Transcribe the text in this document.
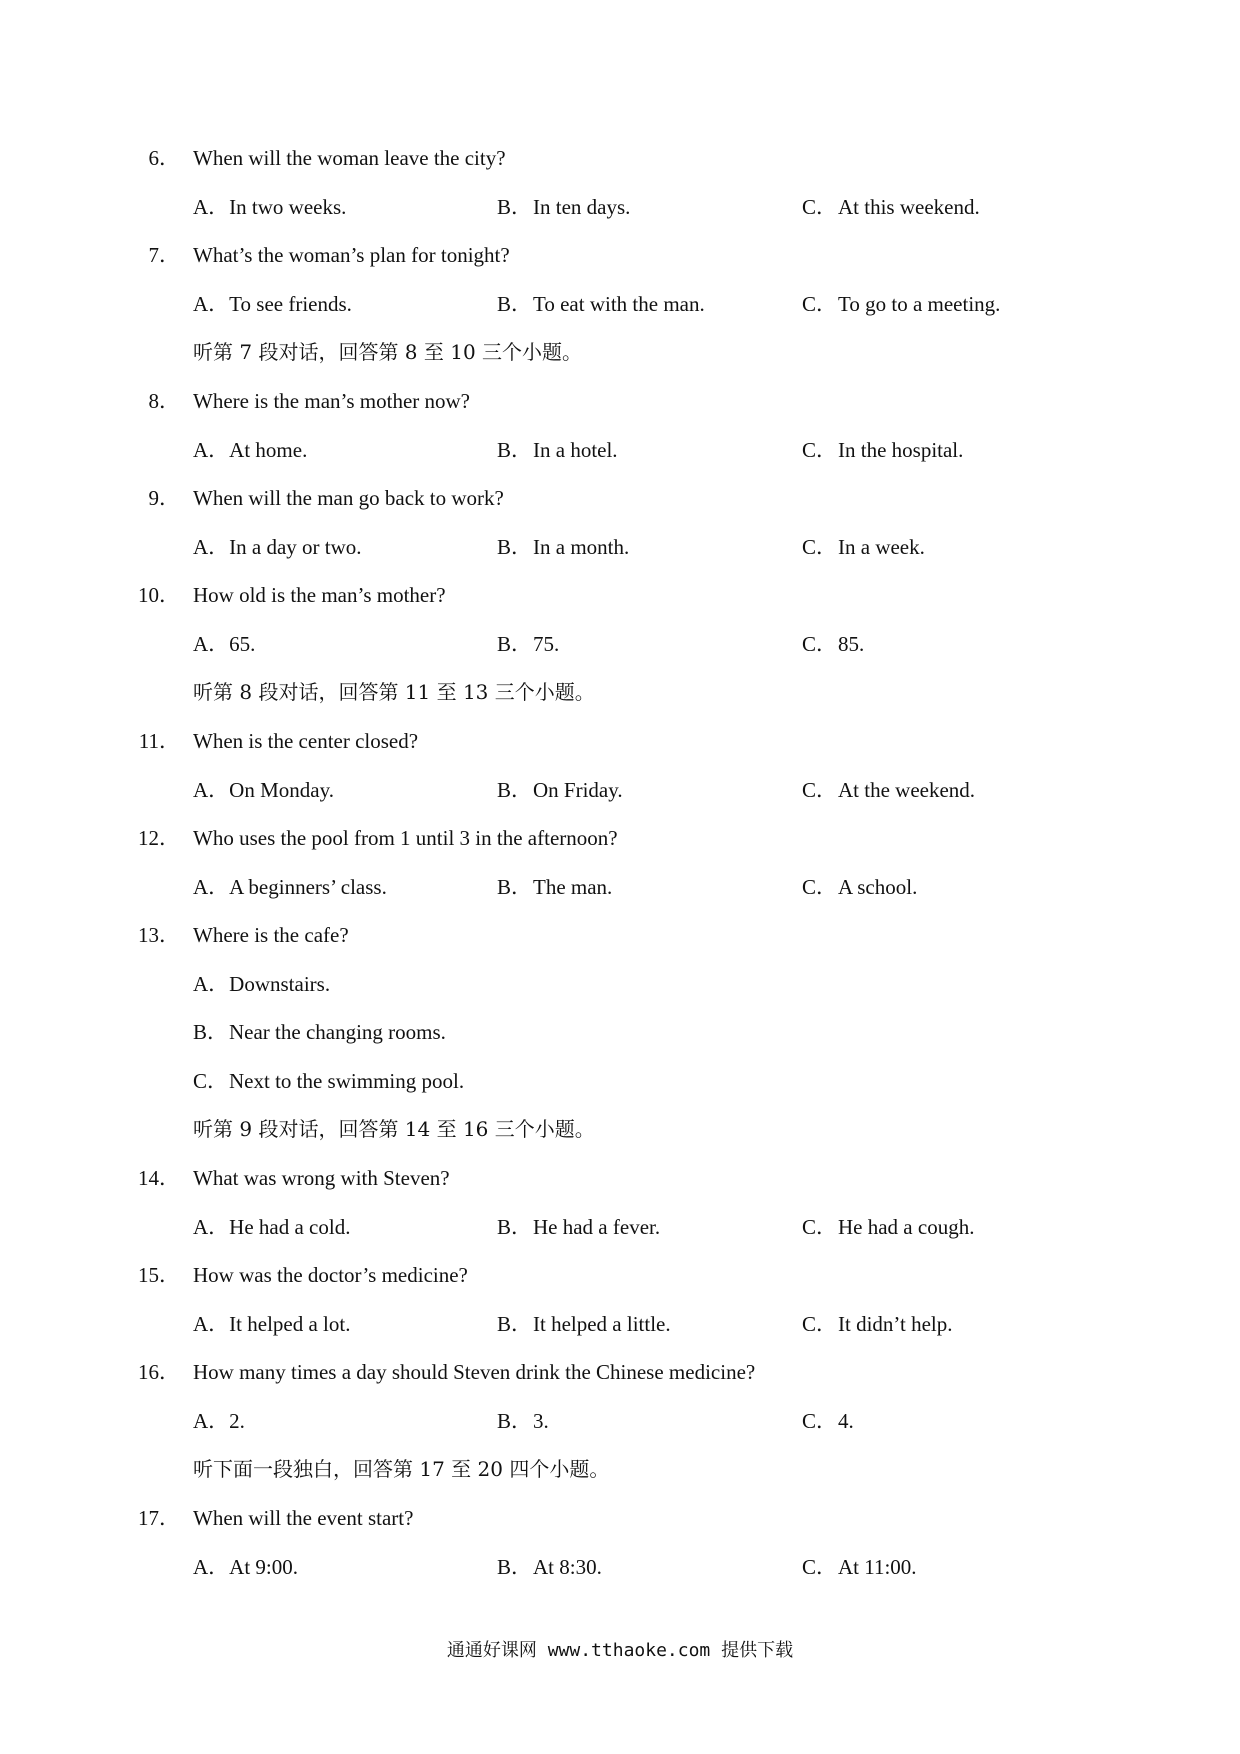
6． When will the woman leave the city?
A．In two weeks.	B．In ten days.	C．At this weekend.
7． What’s the woman’s plan for tonight?
A．To see friends.	B．To eat with the man.	C．To go to a meeting.
听第 7 段对话，回答第 8 至 10 三个小题。
8． Where is the man’s mother now?
A．At home.	B．In a hotel.	C．In the hospital.
9． When will the man go back to work?
A．In a day or two.	B．In a month.	C．In a week.
10． How old is the man’s mother?
A．65.	B．75.	C．85.
听第 8 段对话，回答第 11 至 13 三个小题。
11． When is the center closed?
A．On Monday.	B．On Friday.	C．At the weekend.
12． Who uses the pool from 1 until 3 in the afternoon?
A．A beginners’ class.	B．The man.	C．A school.
13． Where is the cafe?
A．Downstairs.
B．Near the changing rooms.
C．Next to the swimming pool.
听第 9 段对话，回答第 14 至 16 三个小题。
14． What was wrong with Steven?
A．He had a cold.	B．He had a fever.	C．He had a cough.
15． How was the doctor’s medicine?
A．It helped a lot.	B．It helped a little.	C．It didn’t help.
16． How many times a day should Steven drink the Chinese medicine?
A．2.	B．3.	C．4.
听下面一段独白，回答第 17 至 20 四个小题。
17． When will the event start?
A．At 9:00.	B．At 8:30.	C．At 11:00.
通通好课网 www.tthaoke.com 提供下载
